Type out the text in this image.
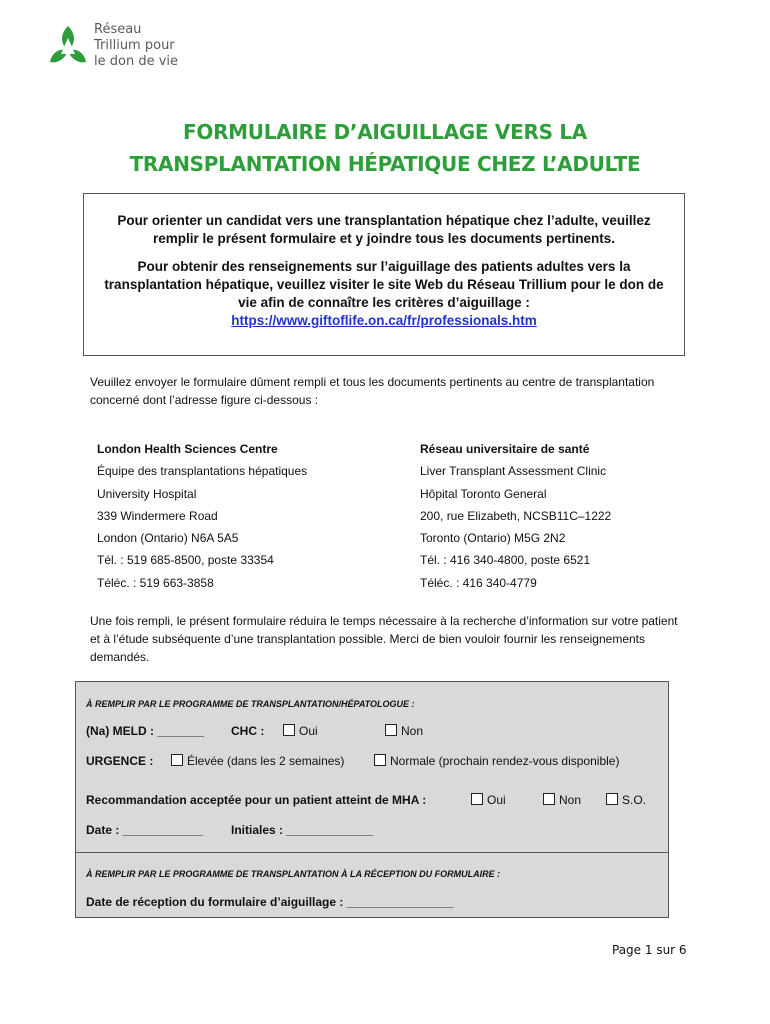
Réseau
Trillium pour
le don de vie
FORMULAIRE D’AIGUILLAGE VERS LA
TRANSPLANTATION HÉPATIQUE CHEZ L’ADULTE

Pour orienter un candidat vers une transplantation hépatique chez l’adulte, veuillez remplir le présent formulaire et y joindre tous les documents pertinents.

Pour obtenir des renseignements sur l’aiguillage des patients adultes vers la transplantation hépatique, veuillez visiter le site Web du Réseau Trillium pour le don de vie afin de connaître les critères d’aiguillage :

https://www.giftoflife.on.ca/fr/professionals.htm
Veuillez envoyer le formulaire dûment rempli et tous les documents pertinents au centre de transplantation concerné dont l’adresse figure ci-dessous :
London Health Sciences Centre
Équipe des transplantations hépatiques
University Hospital
339 Windermere Road
London (Ontario) N6A 5A5
Tél. : 519 685-8500, poste 33354
Téléc. : 519 663-3858
Réseau universitaire de santé
Liver Transplant Assessment Clinic
Hôpital Toronto General
200, rue Elizabeth, NCSB11C–1222
Toronto (Ontario) M5G 2N2
Tél. : 416 340-4800, poste 6521
Téléc. : 416 340-4779
Une fois rempli, le présent formulaire réduira le temps nécessaire à la recherche d’information sur votre patient et à l’étude subséquente d’une transplantation possible. Merci de bien vouloir fournir les renseignements demandés.
À REMPLIR PAR LE PROGRAMME DE TRANSPLANTATION/HÉPATOLOGUE :
(Na) MELD : _______ CHC :	Oui	Non
URGENCE :	Élevée (dans les 2 semaines)	Normale (prochain rendez-vous disponible)
Recommandation acceptée pour un patient atteint de MHA :	Oui	Non	S.O.
Date : ____________ Initiales : _____________
À REMPLIR PAR LE PROGRAMME DE TRANSPLANTATION À LA RÉCEPTION DU FORMULAIRE :
Date de réception du formulaire d’aiguillage : ________________
Page 1 sur 6
